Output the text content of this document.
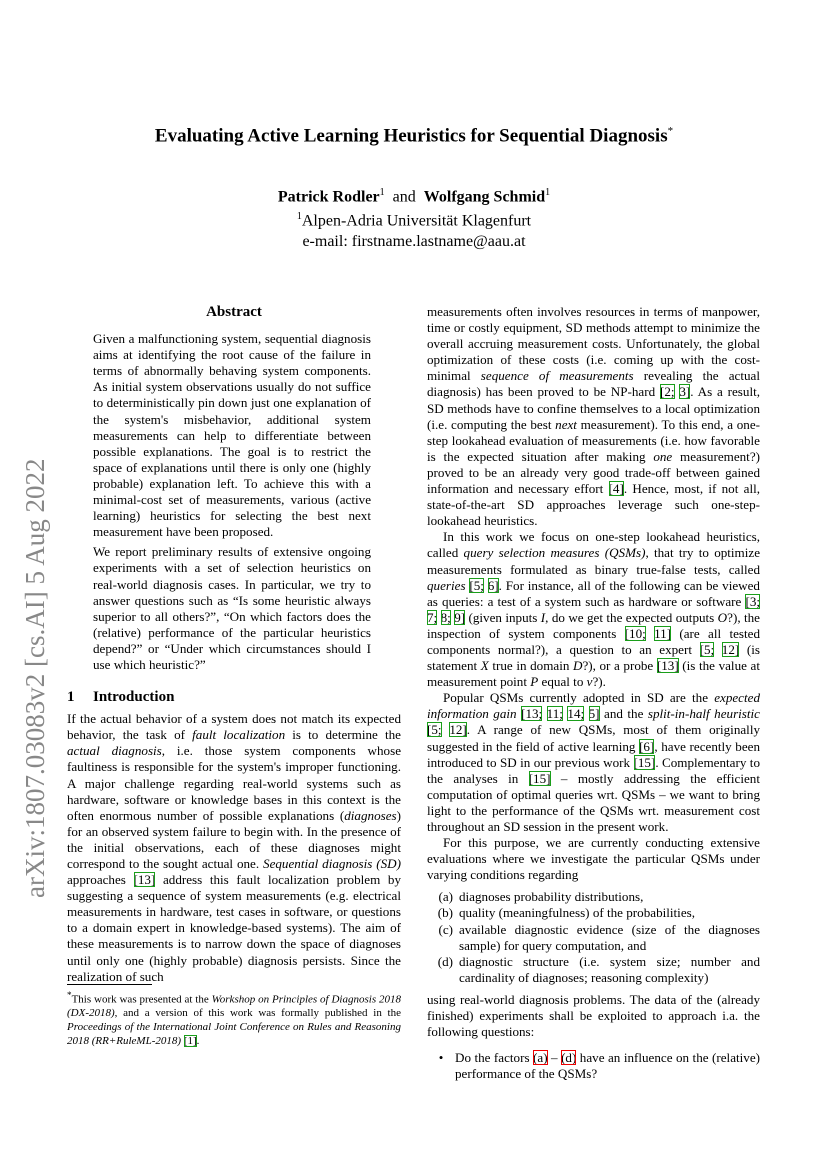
arXiv:1807.03083v2 [cs.AI] 5 Aug 2022
Evaluating Active Learning Heuristics for Sequential Diagnosis*
Patrick Rodler$^1$ and Wolfgang Schmid$^1$
$^1$Alpen-Adria Universität Klagenfurt
e-mail: firstname.lastname@aau.at
Abstract

Given a malfunctioning system, sequential diagnosis aims at identifying the root cause of the failure in terms of abnormally behaving system components. As initial system observations usually do not suffice to deterministically pin down just one explanation of the system's misbehavior, additional system measurements can help to differentiate between possible explanations. The goal is to restrict the space of explanations until there is only one (highly probable) explanation left. To achieve this with a minimal-cost set of measurements, various (active learning) heuristics for selecting the best next measurement have been proposed.

We report preliminary results of extensive ongoing experiments with a set of selection heuristics on real-world diagnosis cases. In particular, we try to answer questions such as “Is some heuristic always superior to all others?”, “On which factors does the (relative) performance of the particular heuristics depend?” or “Under which circumstances should I use which heuristic?”

1 Introduction

If the actual behavior of a system does not match its expected behavior, the task of fault localization is to determine the actual diagnosis, i.e. those system components whose faultiness is responsible for the system's improper functioning. A major challenge regarding real-world systems such as hardware, software or knowledge bases in this context is the often enormous number of possible explanations (diagnoses) for an observed system failure to begin with. In the presence of the initial observations, each of these diagnoses might correspond to the sought actual one. Sequential diagnosis (SD) approaches [13] address this fault localization problem by suggesting a sequence of system measurements (e.g. electrical measurements in hardware, test cases in software, or questions to a domain expert in knowledge-based systems). The aim of these measurements is to narrow down the space of diagnoses until only one (highly probable) diagnosis persists. Since the realization of such

*This work was presented at the Workshop on Principles of Diagnosis 2018 (DX-2018), and a version of this work was formally published in the Proceedings of the International Joint Conference on Rules and Reasoning 2018 (RR+RuleML-2018) [1].

measurements often involves resources in terms of manpower, time or costly equipment, SD methods attempt to minimize the overall accruing measurement costs. Unfortunately, the global optimization of these costs (i.e. coming up with the cost-minimal sequence of measurements revealing the actual diagnosis) has been proved to be NP-hard [2; 3]. As a result, SD methods have to confine themselves to a local optimization (i.e. computing the best next measurement). To this end, a one-step lookahead evaluation of measurements (i.e. how favorable is the expected situation after making one measurement?) proved to be an already very good trade-off between gained information and necessary effort [4]. Hence, most, if not all, state-of-the-art SD approaches leverage such one-step-lookahead heuristics.

In this work we focus on one-step lookahead heuristics, called query selection measures (QSMs), that try to optimize measurements formulated as binary true-false tests, called queries [5; 6]. For instance, all of the following can be viewed as queries: a test of a system such as hardware or software [3; 7; 8; 9] (given inputs I, do we get the expected outputs O?), the inspection of system components [10; 11] (are all tested components normal?), a question to an expert [5; 12] (is statement X true in domain D?), or a probe [13] (is the value at measurement point P equal to v?).

Popular QSMs currently adopted in SD are the expected information gain [13; 11; 14; 5] and the split-in-half heuristic [5; 12]. A range of new QSMs, most of them originally suggested in the field of active learning [6], have recently been introduced to SD in our previous work [15]. Complementary to the analyses in [15] – mostly addressing the efficient computation of optimal queries wrt. QSMs – we want to bring light to the performance of the QSMs wrt. measurement cost throughout an SD session in the present work.

For this purpose, we are currently conducting extensive evaluations where we investigate the particular QSMs under varying conditions regarding

(a) diagnoses probability distributions,
(b) quality (meaningfulness) of the probabilities,
(c) available diagnostic evidence (size of the diagnoses sample) for query computation, and
(d) diagnostic structure (i.e. system size; number and cardinality of diagnoses; reasoning complexity)

using real-world diagnosis problems. The data of the (already finished) experiments shall be exploited to approach i.a. the following questions:

• Do the factors (a) – (d) have an influence on the (relative) performance of the QSMs?
